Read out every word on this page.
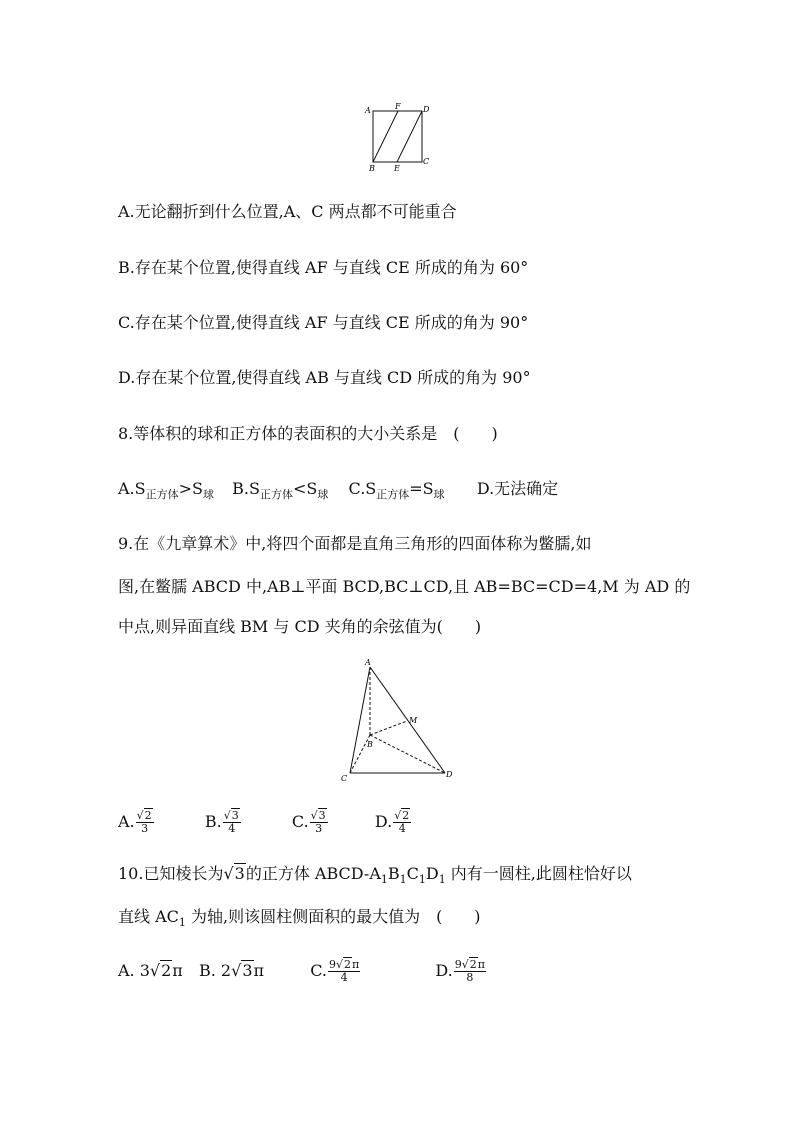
A	F	D
B E
C
A.无论翻折到什么位置,A、C 两点都不可能重合
B.存在某个位置,使得直线 AF 与直线 CE 所成的角为 60°
C.存在某个位置,使得直线 AF 与直线 CE 所成的角为 90°
D.存在某个位置,使得直线 AB 与直线 CD 所成的角为 90°
8.等体积的球和正方体的表面积的大小关系是　(　　)
$A.S_{正方体}>S_球$ $B.S_{正方体}<S_球$ $C.S_{正方体}=S_球$ D.无法确定
9.在《九章算术》中,将四个面都是直角三角形的四面体称为鳖臑,如
图,在鳖臑 ABCD 中,AB⊥平面 BCD,BC⊥CD,且 AB=BC=CD=4,M 为 AD 的
中点,则异面直线 BM 与 CD 夹角的余弦值为(　　)
A
M
B
C	D
A. $\frac{√2}{3}$	B. $\frac{√3}{4}$	C. $\frac{√3}{3}$	D. $\frac{√2}{4}$
10.已知棱长为√3的正方体 ABCD-$A_1B_1C_1D_1$ 内有一圆柱,此圆柱恰好以
直线 $AC_1$ 为轴,则该圆柱侧面积的最大值为　(　　)
A. 3√2π B. 2√3π	C. $\frac{9√2\pi}{4}$	D. $\frac{9√2\pi}{8}$
